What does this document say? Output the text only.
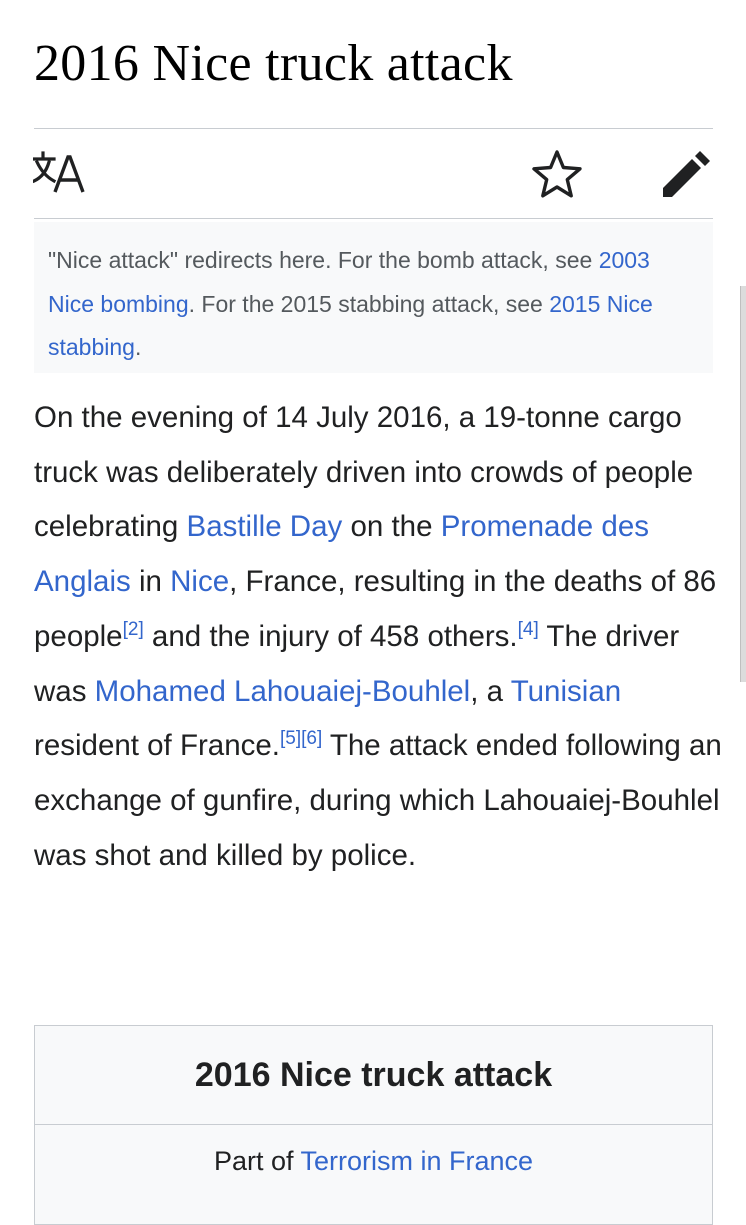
2016 Nice truck attack
"Nice attack" redirects here. For the bomb attack, see 2003 Nice bombing. For the 2015 stabbing attack, see 2015 Nice stabbing.

On the evening of 14 July 2016, a 19-tonne cargo truck was deliberately driven into crowds of people celebrating Bastille Day on the Promenade des Anglais in Nice, France, resulting in the deaths of 86 people[2] and the injury of 458 others.[4] The driver was Mohamed Lahouaiej-Bouhlel, a Tunisian resident of France.[5][6] The attack ended following an exchange of gunfire, during which Lahouaiej-Bouhlel was shot and killed by police.

2016 Nice truck attack
Part of Terrorism in France
